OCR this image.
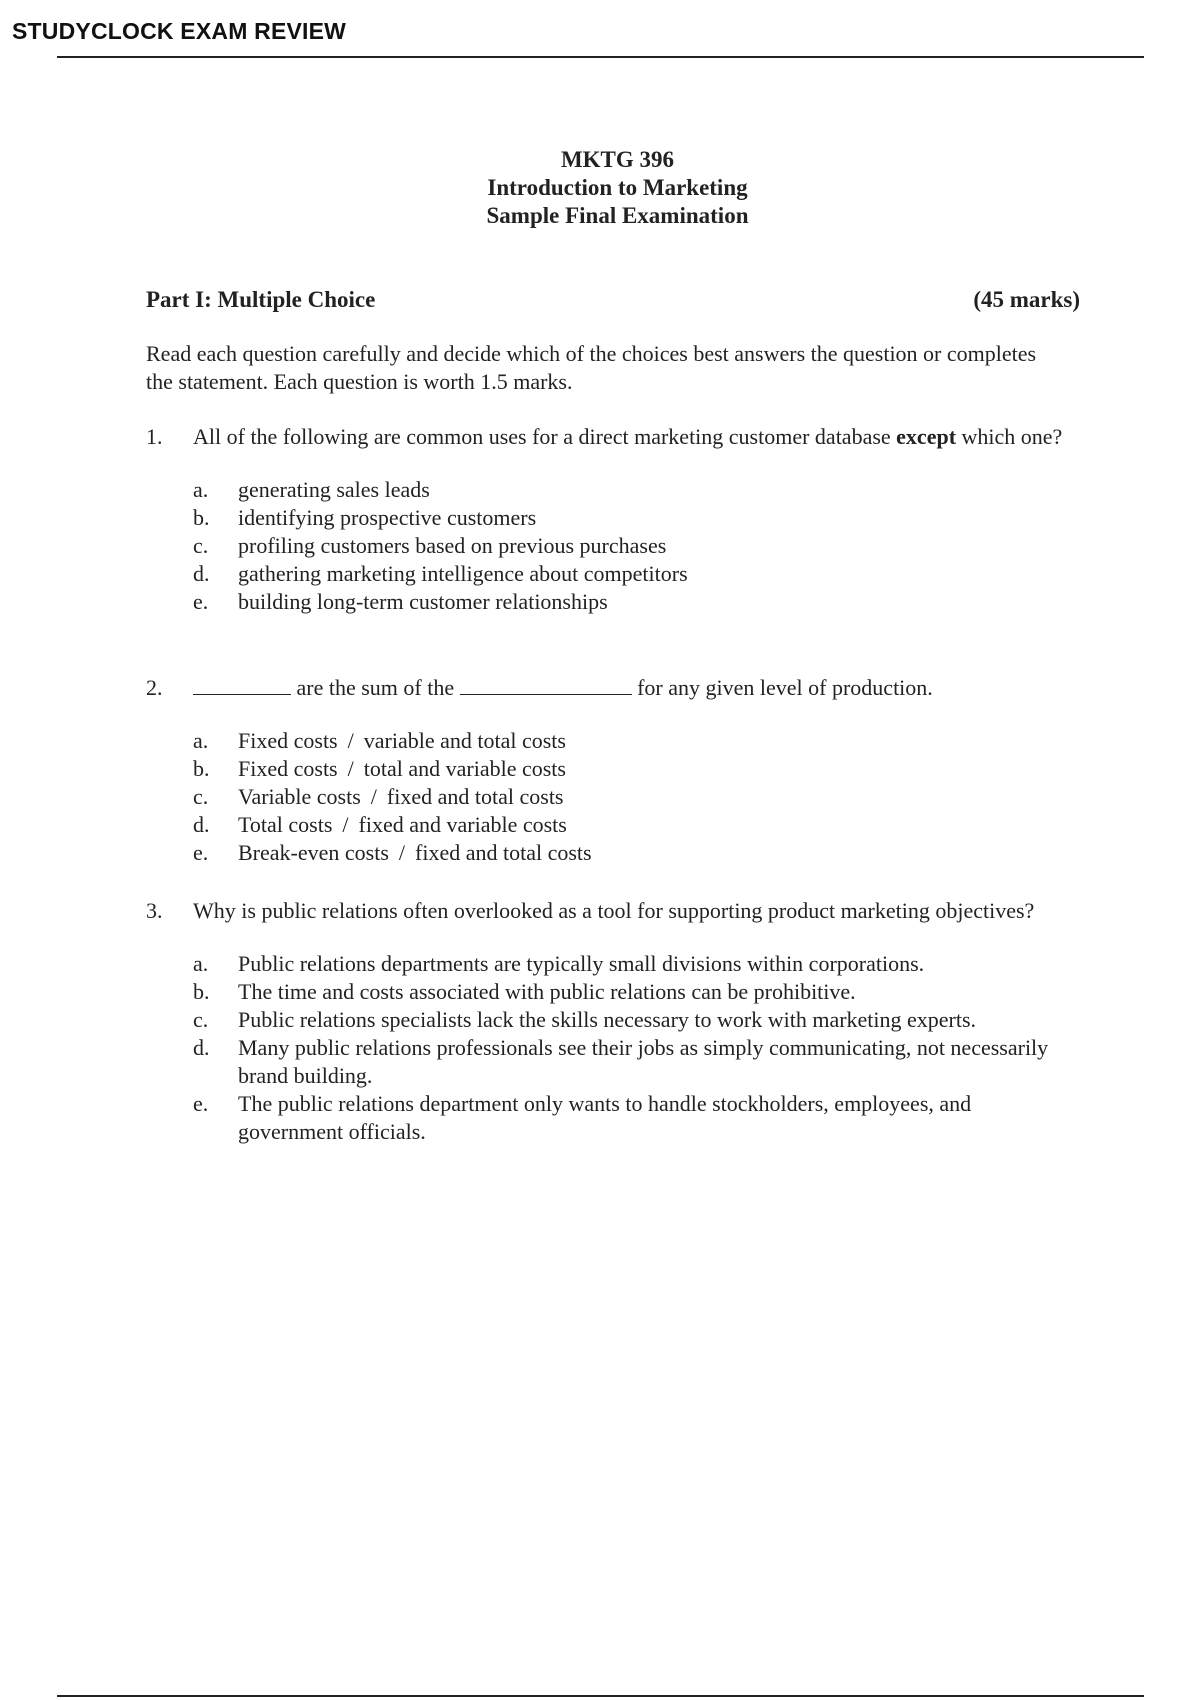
STUDYCLOCK EXAM REVIEW
MKTG 396
Introduction to Marketing
Sample Final Examination
Part I: Multiple Choice	(45 marks)
Read each question carefully and decide which of the choices best answers the question or completes the statement. Each question is worth 1.5 marks.
1. All of the following are common uses for a direct marketing customer database except which one?
a.	generating sales leads
b.	identifying prospective customers
c.	profiling customers based on previous purchases
d.	gathering marketing intelligence about competitors
e.	building long-term customer relationships
2.	are the sum of the	for any given level of production.
a.	Fixed costs / variable and total costs
b.	Fixed costs / total and variable costs
c.	Variable costs / fixed and total costs
d.	Total costs / fixed and variable costs
e.	Break-even costs / fixed and total costs
3. Why is public relations often overlooked as a tool for supporting product marketing objectives?
a.	Public relations departments are typically small divisions within corporations.
b.	The time and costs associated with public relations can be prohibitive.
c.	Public relations specialists lack the skills necessary to work with marketing experts.
d.	Many public relations professionals see their jobs as simply communicating, not necessarily brand building.
e.	The public relations department only wants to handle stockholders, employees, and government officials.
